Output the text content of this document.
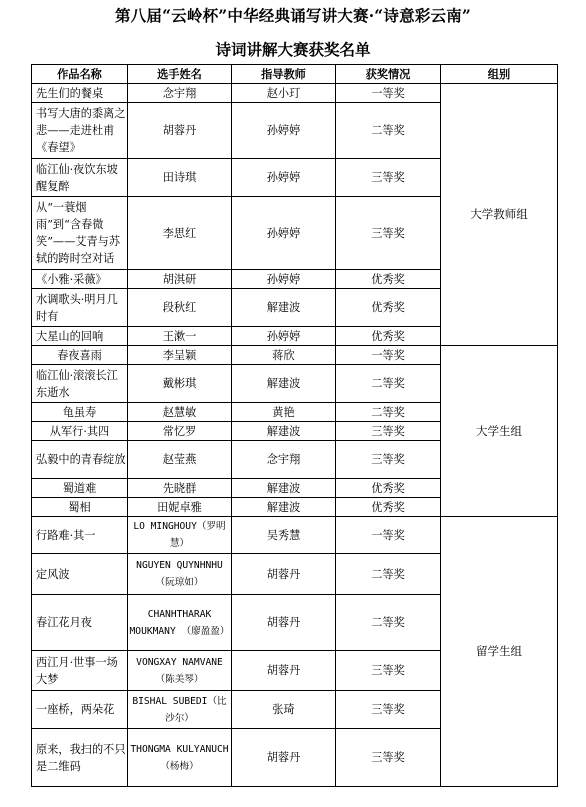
第八届“云岭杯”中华经典诵写讲大赛·“诗意彩云南”
诗词讲解大赛获奖名单
作品名称	选手姓名	指导教师	获奖情况	组别
先生们的餐桌	念宇翔	赵小玎	一等奖	大学教师组
书写大唐的黍离之悲——走进杜甫《春望》	胡蓉丹	孙婷婷	二等奖	
临江仙·夜饮东坡醒复醉	田诗琪	孙婷婷	三等奖	
从“一蓑烟雨”到“含春微笑”——艾青与苏轼的跨时空对话	李思红	孙婷婷	三等奖	
《小雅·采薇》	胡淇研	孙婷婷	优秀奖	
水调歌头·明月几时有	段秋红	解建波	优秀奖	
大星山的回响	王漱一	孙婷婷	优秀奖	
春夜喜雨	李呈颖	蒋欣	一等奖	大学生组
临江仙·滚滚长江东逝水	戴彬琪	解建波	二等奖	
龟虽寿	赵慧敏	黄艳	二等奖	
从军行·其四	常忆罗	解建波	三等奖	
弘毅中的青春绽放	赵莹燕	念宇翔	三等奖	
蜀道难	先晓群	解建波	优秀奖	
蜀相	田妮卓雅	解建波	优秀奖	
行路难·其一	LO MINGHOUY（罗明慧）	吴秀慧	一等奖	留学生组
定风波	NGUYEN QUYNHNHU（阮琼如）	胡蓉丹	二等奖	
春江花月夜	CHANHTHARAK MOUKMANY （廖盈盈）	胡蓉丹	二等奖	
西江月·世事一场大梦	VONGXAY NAMVANE（陈美琴）	胡蓉丹	三等奖	
一座桥，两朵花	BISHAL SUBEDI（比沙尔）	张琦	三等奖	
原来，我扫的不只是二维码	THONGMA KULYANUCH（杨梅）	胡蓉丹	三等奖	
